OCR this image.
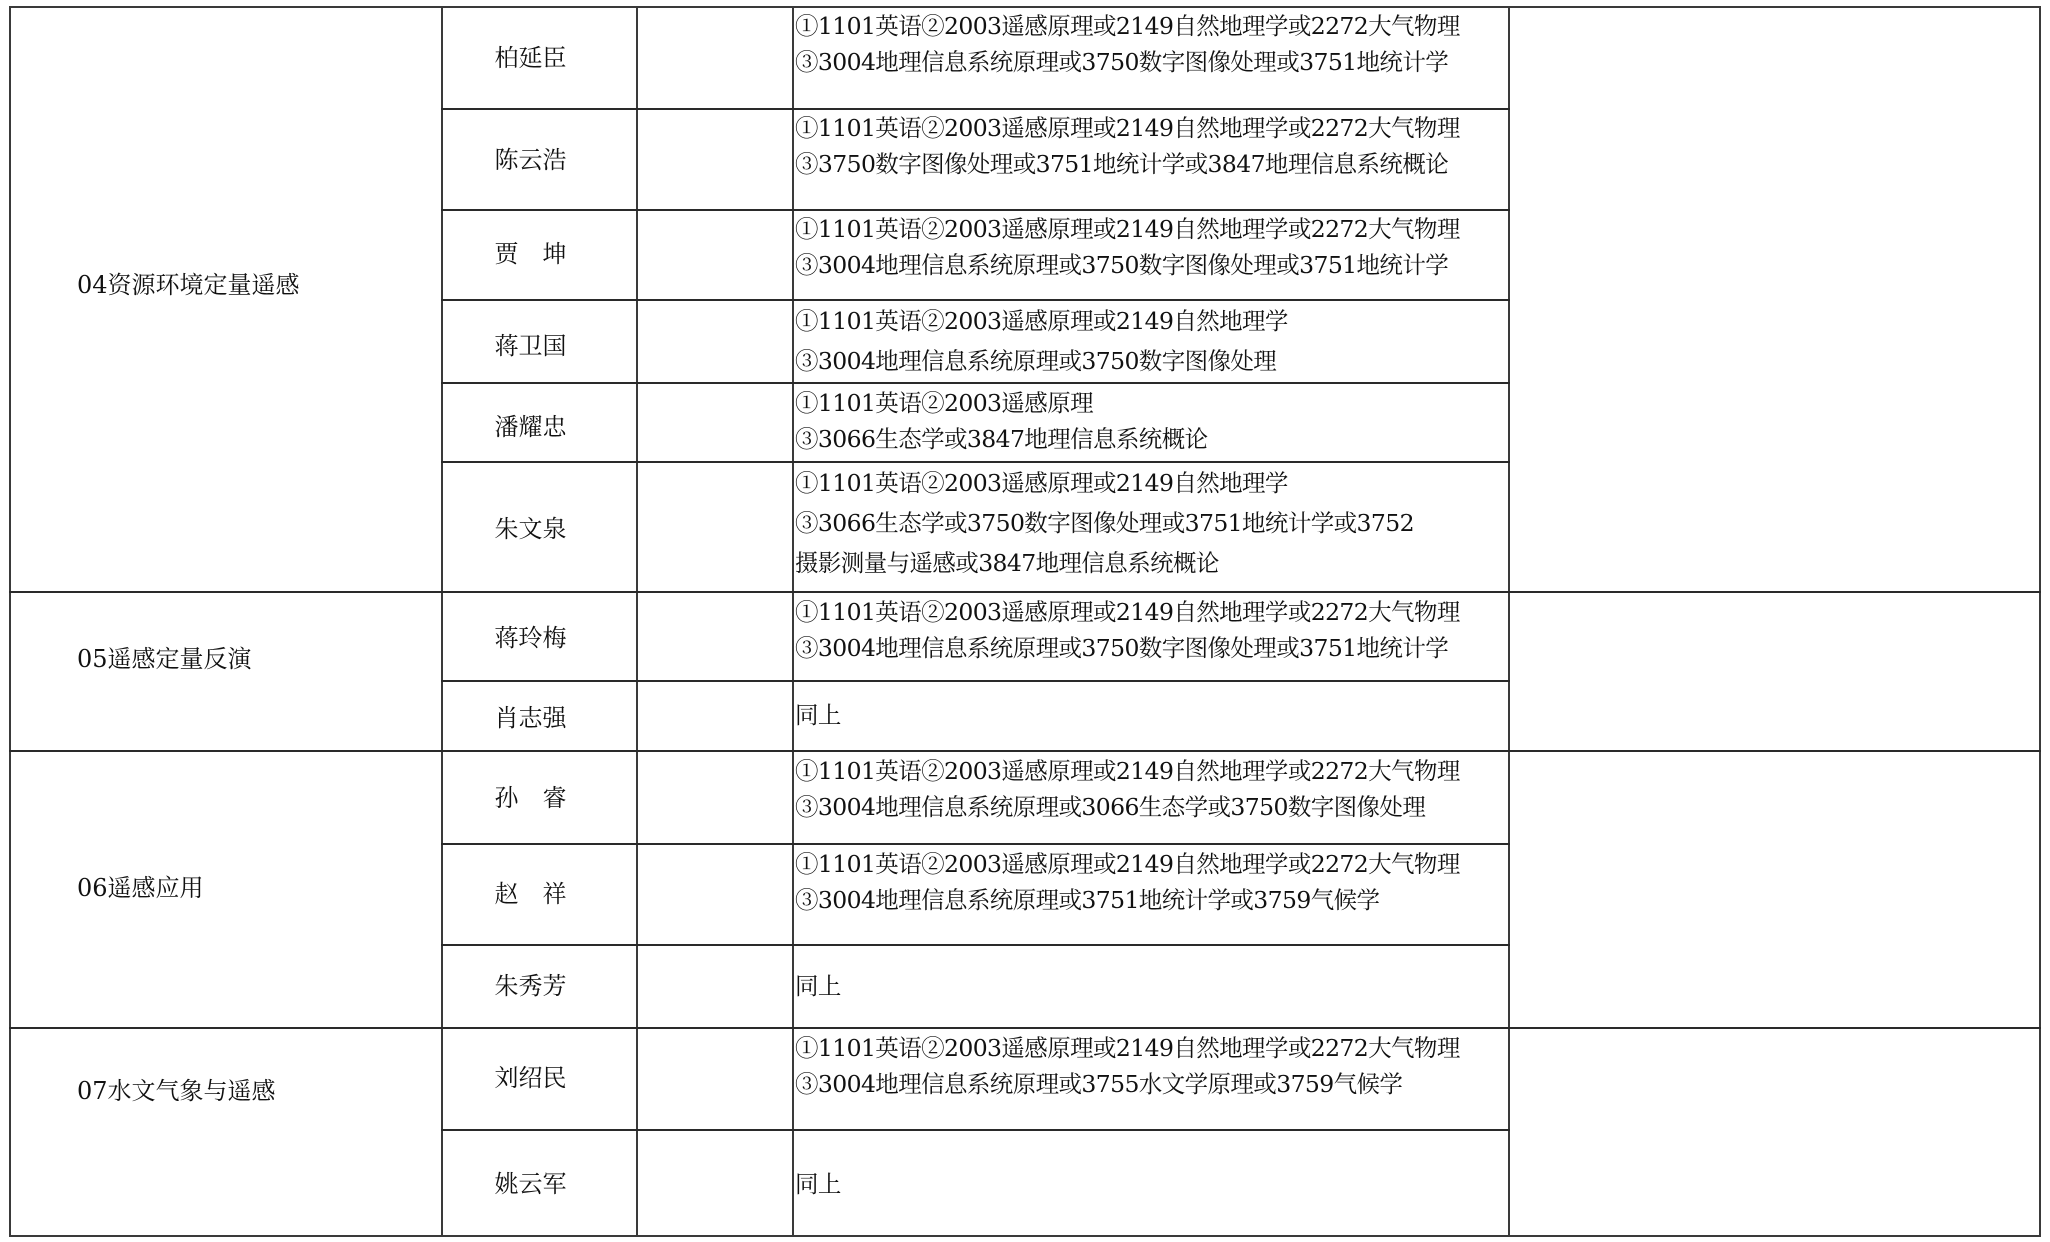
04资源环境定量遥感
05遥感定量反演
06遥感应用
07水文气象与遥感
柏延臣
陈云浩
贾　坤
蒋卫国
潘耀忠
朱文泉
蒋玲梅
肖志强
孙　睿
赵　祥
朱秀芳
刘绍民
姚云军
①1101英语②2003遥感原理或2149自然地理学或2272大气物理
③3004地理信息系统原理或3750数字图像处理或3751地统计学
①1101英语②2003遥感原理或2149自然地理学或2272大气物理
③3750数字图像处理或3751地统计学或3847地理信息系统概论
①1101英语②2003遥感原理或2149自然地理学或2272大气物理
③3004地理信息系统原理或3750数字图像处理或3751地统计学
①1101英语②2003遥感原理或2149自然地理学
③3004地理信息系统原理或3750数字图像处理
①1101英语②2003遥感原理
③3066生态学或3847地理信息系统概论
①1101英语②2003遥感原理或2149自然地理学
③3066生态学或3750数字图像处理或3751地统计学或3752
摄影测量与遥感或3847地理信息系统概论
①1101英语②2003遥感原理或2149自然地理学或2272大气物理
③3004地理信息系统原理或3750数字图像处理或3751地统计学
同上
①1101英语②2003遥感原理或2149自然地理学或2272大气物理
③3004地理信息系统原理或3066生态学或3750数字图像处理
①1101英语②2003遥感原理或2149自然地理学或2272大气物理
③3004地理信息系统原理或3751地统计学或3759气候学
同上
①1101英语②2003遥感原理或2149自然地理学或2272大气物理
③3004地理信息系统原理或3755水文学原理或3759气候学
同上
